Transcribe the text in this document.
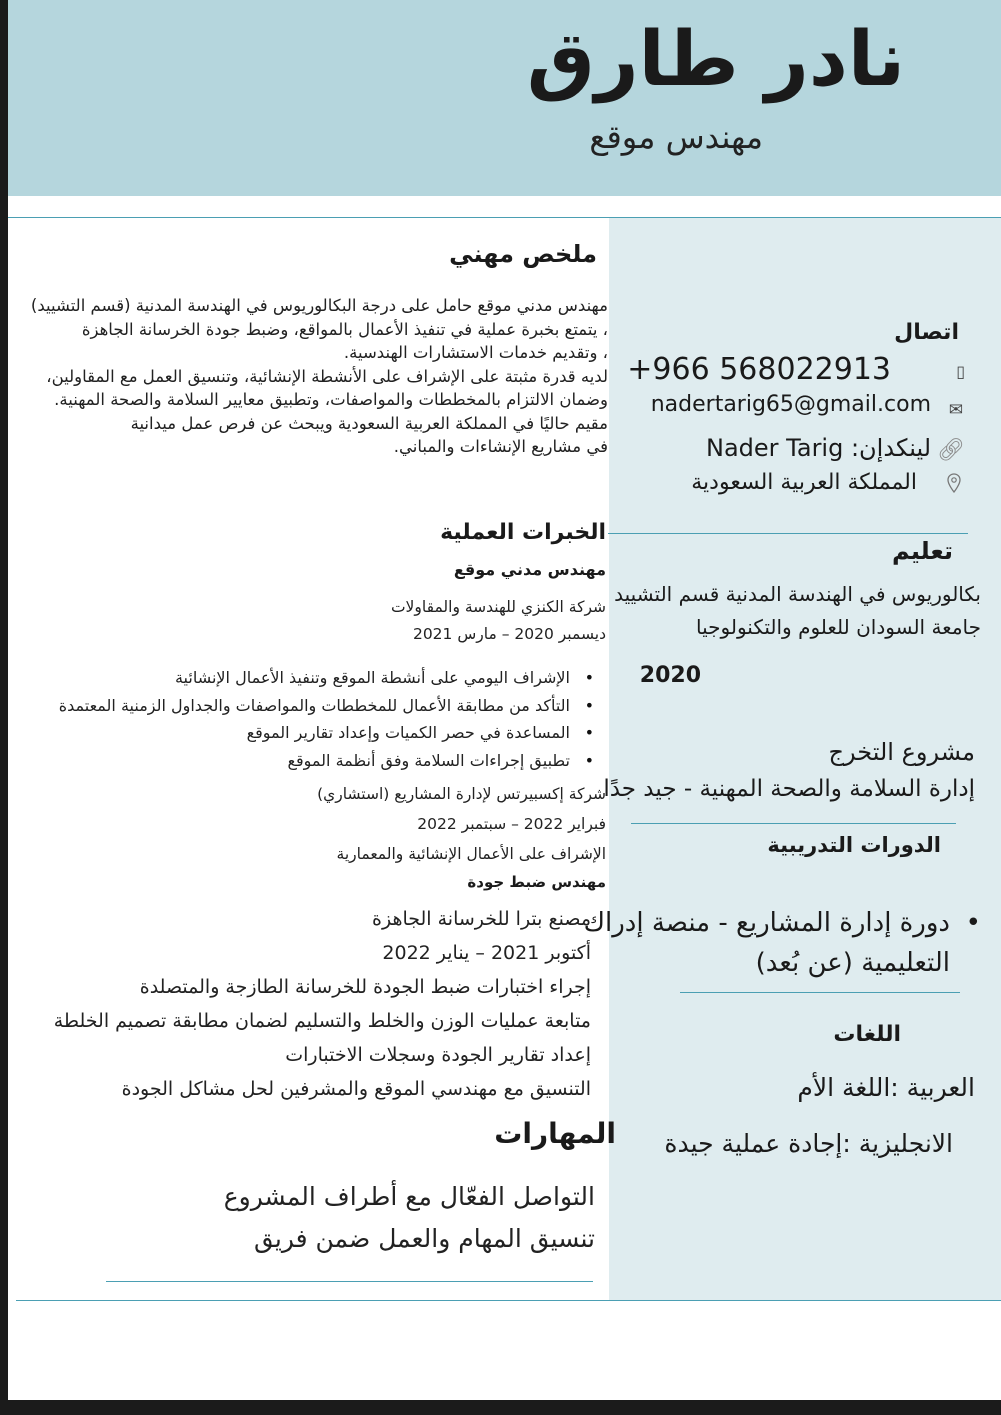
نادر طارق
مهندس موقع
ملخص مهني
مهندس مدني موقع حامل على درجة البكالوريوس في الهندسة المدنية (قسم التشييد)
، يتمتع بخبرة عملية في تنفيذ الأعمال بالمواقع، وضبط جودة الخرسانة الجاهزة
، وتقديم خدمات الاستشارات الهندسية.
لديه قدرة مثبتة على الإشراف على الأنشطة الإنشائية، وتنسيق العمل مع المقاولين،
وضمان الالتزام بالمخططات والمواصفات، وتطبيق معايير السلامة والصحة المهنية.
مقيم حاليًا في المملكة العربية السعودية ويبحث عن فرص عمل ميدانية
في مشاريع الإنشاءات والمباني.
الخبرات العملية
مهندس مدني موقع
شركة الكنزي للهندسة والمقاولات
ديسمبر 2020 – مارس 2021
• الإشراف اليومي على أنشطة الموقع وتنفيذ الأعمال الإنشائية
• التأكد من مطابقة الأعمال للمخططات والمواصفات والجداول الزمنية المعتمدة
• المساعدة في حصر الكميات وإعداد تقارير الموقع
• تطبيق إجراءات السلامة وفق أنظمة الموقع
شركة إكسبيرتس لإدارة المشاريع (استشاري)
فبراير 2022 – سبتمبر 2022
الإشراف على الأعمال الإنشائية والمعمارية
مهندس ضبط جودة
مصنع بترا للخرسانة الجاهزة
أكتوبر 2021 – يناير 2022
إجراء اختبارات ضبط الجودة للخرسانة الطازجة والمتصلدة
متابعة عمليات الوزن والخلط والتسليم لضمان مطابقة تصميم الخلطة
إعداد تقارير الجودة وسجلات الاختبارات
التنسيق مع مهندسي الموقع والمشرفين لحل مشاكل الجودة
المهارات
التواصل الفعّال مع أطراف المشروع
تنسيق المهام والعمل ضمن فريق
اتصال
+966 568022913	▯
nadertarig65@gmail.com ✉
لينكدإن: Nader Tarig 🔗︎
المملكة العربية السعودية
تعليم
بكالوريوس في الهندسة المدنية قسم التشييد
جامعة السودان للعلوم والتكنولوجيا
2020
مشروع التخرج
إدارة السلامة والصحة المهنية - جيد جدًا
الدورات التدريبية
•
دورة إدارة المشاريع - منصة إدراك
التعليمية (عن بُعد)
اللغات
العربية :اللغة الأم
الانجليزية :إجادة عملية جيدة
